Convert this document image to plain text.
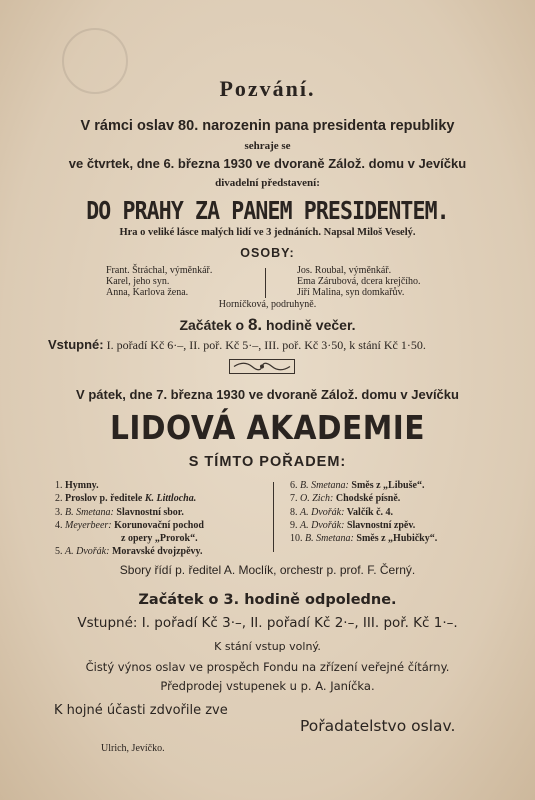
Pozvání.
V rámci oslav 80. narozenin pana presidenta republiky
sehraje se
ve čtvrtek, dne 6. března 1930 ve dvoraně Zálož. domu v Jevíčku
divadelní představení:
DO PRAHY ZA PANEM PRESIDENTEM.
Hra o veliké lásce malých lidí ve 3 jednáních. Napsal Miloš Veselý.
OSOBY:
Frant. Štráchal, výměnkář.
Karel, jeho syn.
Anna, Karlova žena.
Jos. Roubal, výměnkář.
Ema Zárubová, dcera krejčího.
Jiří Malina, syn domkařův.
Horníčková, podruhyně.
Začátek o 8. hodině večer.
Vstupné: I. pořadí Kč 6·–, II. poř. Kč 5·–, III. poř. Kč 3·50, k stání Kč 1·50.
V pátek, dne 7. března 1930 ve dvoraně Zálož. domu v Jevíčku
LIDOVÁ AKADEMIE
S TÍMTO POŘADEM:
1. Hymny.
2. Proslov p. ředitele K. Littlocha.
3. B. Smetana: Slavnostní sbor.
4. Meyerbeer: Korunovační pochod
z opery „Prorok“.
5. A. Dvořák: Moravské dvojzpěvy.
6. B. Smetana: Směs z „Libuše“.
7. O. Zich: Chodské písně.
8. A. Dvořák: Valčík č. 4.
9. A. Dvořák: Slavnostní zpěv.
10. B. Smetana: Směs z „Hubičky“.
Sbory řídí p. ředitel A. Moclík, orchestr p. prof. F. Černý.
Začátek o 3. hodině odpoledne.
Vstupné: I. pořadí Kč 3·–, II. pořadí Kč 2·–, III. poř. Kč 1·–.
K stání vstup volný.
Čistý výnos oslav ve prospěch Fondu na zřízení veřejné čítárny.
Předprodej vstupenek u p. A. Janíčka.
K hojné účasti zdvořile zve
Pořadatelstvo oslav.
Ulrich, Jevíčko.
